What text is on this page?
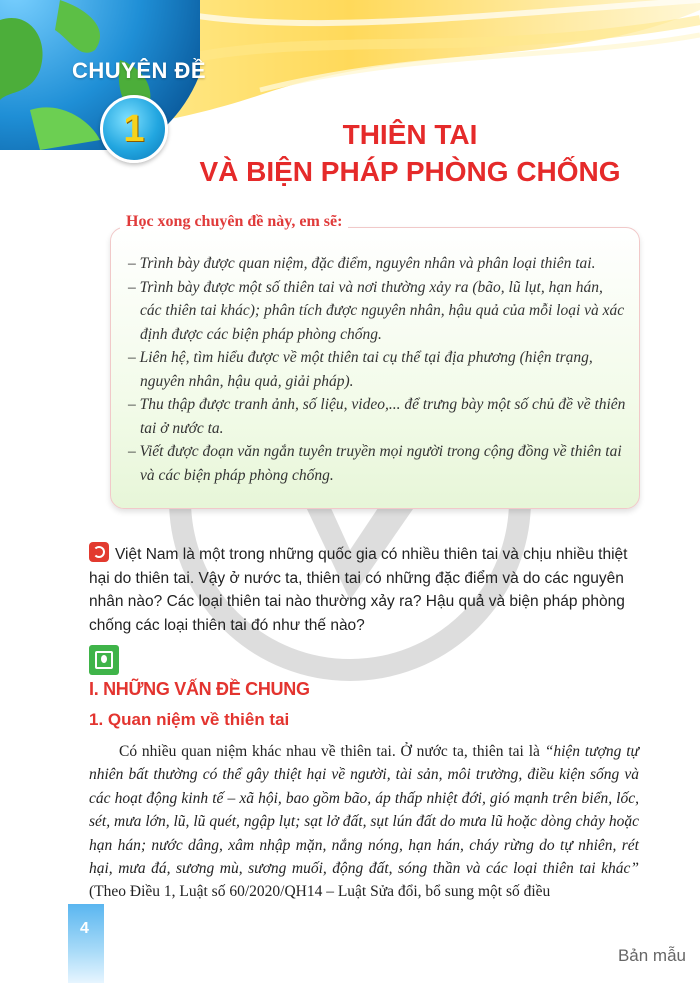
CHUYÊN ĐỀ
1	THIÊN TAI
VÀ BIỆN PHÁP PHÒNG CHỐNG
Học xong chuyên đề này, em sẽ:
– Trình bày được quan niệm, đặc điểm, nguyên nhân và phân loại thiên tai.
– Trình bày được một số thiên tai và nơi thường xảy ra (bão, lũ lụt, hạn hán, các thiên tai khác); phân tích được nguyên nhân, hậu quả của mỗi loại và xác định được các biện pháp phòng chống.
– Liên hệ, tìm hiểu được về một thiên tai cụ thể tại địa phương (hiện trạng, nguyên nhân, hậu quả, giải pháp).
– Thu thập được tranh ảnh, số liệu, video,... để trưng bày một số chủ đề về thiên tai ở nước ta.
– Viết được đoạn văn ngắn tuyên truyền mọi người trong cộng đồng về thiên tai và các biện pháp phòng chống.
Việt Nam là một trong những quốc gia có nhiều thiên tai và chịu nhiều thiệt hại do thiên tai. Vậy ở nước ta, thiên tai có những đặc điểm và do các nguyên nhân nào? Các loại thiên tai nào thường xảy ra? Hậu quả và biện pháp phòng chống các loại thiên tai đó như thế nào?
I. NHỮNG VẤN ĐỀ CHUNG
1. Quan niệm về thiên tai

Có nhiều quan niệm khác nhau về thiên tai. Ở nước ta, thiên tai là “hiện tượng tự nhiên bất thường có thể gây thiệt hại về người, tài sản, môi trường, điều kiện sống và các hoạt động kinh tế – xã hội, bao gồm bão, áp thấp nhiệt đới, gió mạnh trên biển, lốc, sét, mưa lớn, lũ, lũ quét, ngập lụt; sạt lở đất, sụt lún đất do mưa lũ hoặc dòng chảy hoặc hạn hán; nước dâng, xâm nhập mặn, nắng nóng, hạn hán, cháy rừng do tự nhiên, rét hại, mưa đá, sương mù, sương muối, động đất, sóng thần và các loại thiên tai khác” (Theo Điều 1, Luật số 60/2020/QH14 – Luật Sửa đổi, bổ sung một số điều

4
Bản mẫu
